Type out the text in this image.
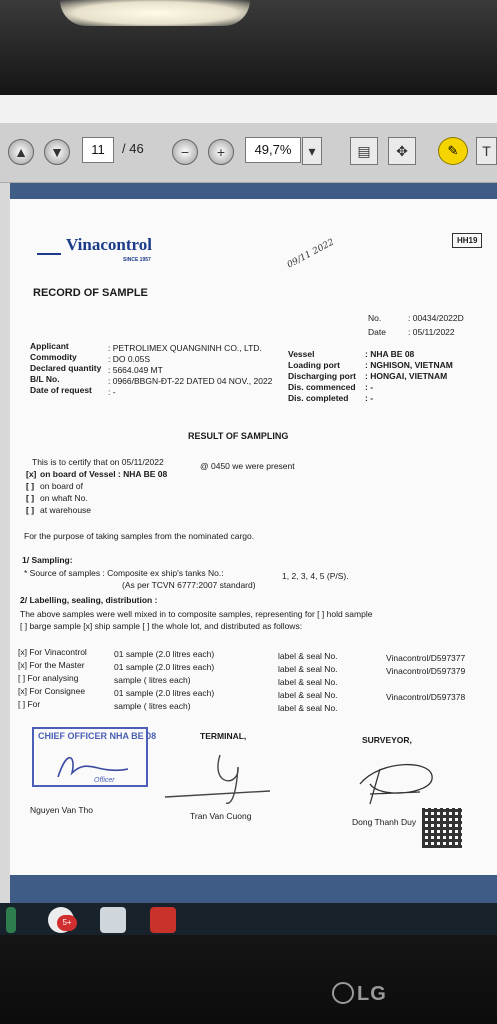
▲	▼	11	/ 46	−	+	49,7%	▾	▤	✥	✎	T
Vinacontrol
SINCE 1957
HH19
RECORD OF SAMPLE
09/11 2022
No.	: 00434/2022D
Date	: 05/11/2022
Applicant	: PETROLIMEX QUANGNINH CO., LTD.
Commodity	: DO 0.05S
Declared quantity : 5664.049 MT
B/L No.	: 0966/BBGN-ĐT-22 DATED 04 NOV., 2022
Date of request : -
Vessel	: NHA BE 08
Loading port	: NGHISON, VIETNAM
Discharging port : HONGAI, VIETNAM
Dis. commenced : -
Dis. completed : -
RESULT OF SAMPLING
This is to certify that on 05/11/2022	@ 0450 we were present
[x] on board of Vessel : NHA BE 08
[ ] on board of
[ ] on whaft No.
[ ] at warehouse
For the purpose of taking samples from the nominated cargo.
1/ Sampling:
* Source of samples : Composite ex ship's tanks No.:	1, 2, 3, 4, 5 (P/S).
(As per TCVN 6777:2007 standard)
2/ Labelling, sealing, distribution :
The above samples were well mixed in to composite samples, representing for [ ] hold sample
[ ] barge sample [x] ship sample [ ] the whole lot, and distributed as follows:
[x] For Vinacontrol	01 sample (2.0 litres each)	label & seal No.	Vinacontrol/D597377
[x] For the Master	01 sample (2.0 litres each)	label & seal No.	Vinacontrol/D597379
[ ] For analysing	sample ( litres each)	label & seal No.
[x] For Consignee	01 sample (2.0 litres each)	label & seal No.	Vinacontrol/D597378
[ ] For	sample ( litres each)	label & seal No.
CHIEF OFFICER NHA BE 08
Officer
TERMINAL,	SURVEYOR,
Nguyen Van Tho
Tran Van Cuong
Dong Thanh Duy
5+
LG
